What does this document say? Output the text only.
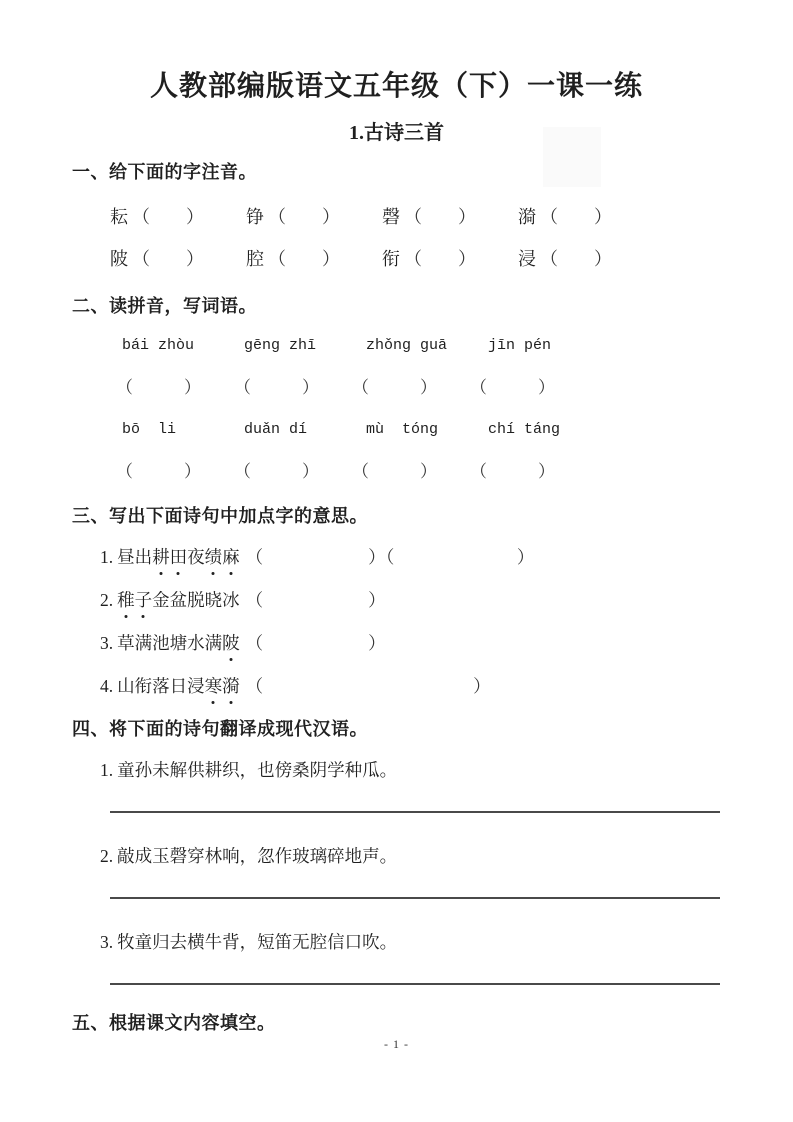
人教部编版语文五年级（下）一课一练
1.古诗三首
一、给下面的字注音。
耘 （　　）	铮 （　　）	磬 （　　）	漪 （　　）
陂 （　　）	腔 （　　）	衔 （　　）	浸 （　　）
二、读拼音，写词语。
bái zhòu	gēng zhī	zhǒng guā	jīn pén
（　　　）	（　　　）	（　　　）	（　　　）
bō  li	duǎn dí	mù  tóng	chí táng
（　　　）	（　　　）	（　　　）	（　　　）
三、写出下面诗句中加点字的意思。
1. 昼出耕田夜绩麻 （　　　　　　）（　　　　　　　）
2. 稚子金盆脱晓冰 （　　　　　　）
3. 草满池塘水满陂 （　　　　　　）
4. 山衔落日浸寒漪 （　　　　　　　　　　　　）
四、将下面的诗句翻译成现代汉语。
1. 童孙未解供耕织，也傍桑阴学种瓜。
2. 敲成玉磬穿林响，忽作玻璃碎地声。
3. 牧童归去横牛背，短笛无腔信口吹。
五、根据课文内容填空。
- 1 -
